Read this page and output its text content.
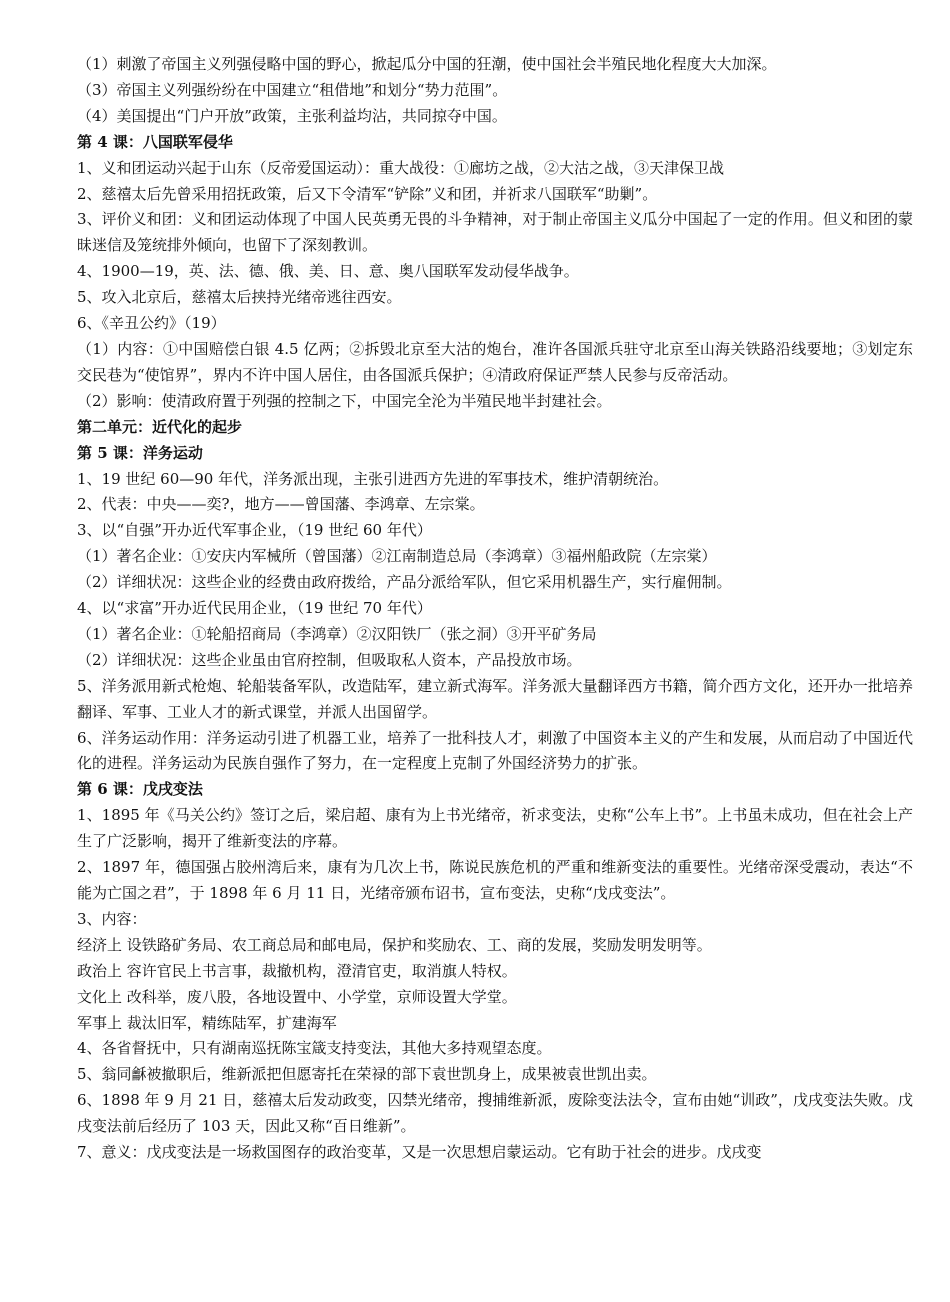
（1）刺激了帝国主义列强侵略中国的野心，掀起瓜分中国的狂潮，使中国社会半殖民地化程度大大加深。

（3）帝国主义列强纷纷在中国建立“租借地”和划分“势力范围”。

（4）美国提出“门户开放”政策，主张利益均沾，共同掠夺中国。

第 4 课：八国联军侵华

1、义和团运动兴起于山东（反帝爱国运动）：重大战役：①廊坊之战，②大沽之战，③天津保卫战

2、慈禧太后先曾采用招抚政策，后又下令清军“铲除”义和团，并祈求八国联军“助剿”。

3、评价义和团：义和团运动体现了中国人民英勇无畏的斗争精神，对于制止帝国主义瓜分中国起了一定的作用。但义和团的蒙昧迷信及笼统排外倾向，也留下了深刻教训。

4、1900—19，英、法、德、俄、美、日、意、奥八国联军发动侵华战争。

5、攻入北京后，慈禧太后挟持光绪帝逃往西安。

6、《辛丑公约》（19）

（1）内容：①中国赔偿白银 4.5 亿两；②拆毁北京至大沽的炮台，准许各国派兵驻守北京至山海关铁路沿线要地；③划定东交民巷为“使馆界”，界内不许中国人居住，由各国派兵保护；④清政府保证严禁人民参与反帝活动。

（2）影响：使清政府置于列强的控制之下，中国完全沦为半殖民地半封建社会。

第二单元：近代化的起步

第 5 课：洋务运动

1、19 世纪 60—90 年代，洋务派出现，主张引进西方先进的军事技术，维护清朝统治。

2、代表：中央——奕?，地方——曾国藩、李鸿章、左宗棠。

3、以“自强”开办近代军事企业，（19 世纪 60 年代）

（1）著名企业：①安庆内军械所（曾国藩）②江南制造总局（李鸿章）③福州船政院（左宗棠）

（2）详细状况：这些企业的经费由政府拨给，产品分派给军队，但它采用机器生产，实行雇佣制。

4、以“求富”开办近代民用企业，（19 世纪 70 年代）

（1）著名企业：①轮船招商局（李鸿章）②汉阳铁厂（张之洞）③开平矿务局

（2）详细状况：这些企业虽由官府控制，但吸取私人资本，产品投放市场。

5、洋务派用新式枪炮、轮船装备军队，改造陆军，建立新式海军。洋务派大量翻译西方书籍，简介西方文化，还开办一批培养翻译、军事、工业人才的新式课堂，并派人出国留学。

6、洋务运动作用：洋务运动引进了机器工业，培养了一批科技人才，刺激了中国资本主义的产生和发展，从而启动了中国近代化的进程。洋务运动为民族自强作了努力，在一定程度上克制了外国经济势力的扩张。

第 6 课：戊戌变法

1、1895 年《马关公约》签订之后，梁启超、康有为上书光绪帝，祈求变法，史称“公车上书”。上书虽未成功，但在社会上产生了广泛影响，揭开了维新变法的序幕。

2、1897 年，德国强占胶州湾后来，康有为几次上书，陈说民族危机的严重和维新变法的重要性。光绪帝深受震动，表达“不能为亡国之君”，于 1898 年 6 月 11 日，光绪帝颁布诏书，宣布变法，史称“戊戌变法”。

3、内容：

经济上 设铁路矿务局、农工商总局和邮电局，保护和奖励农、工、商的发展，奖励发明发明等。

政治上 容许官民上书言事，裁撤机构，澄清官吏，取消旗人特权。

文化上 改科举，废八股，各地设置中、小学堂，京师设置大学堂。

军事上 裁汰旧军，精练陆军，扩建海军

4、各省督抚中，只有湖南巡抚陈宝箴支持变法，其他大多持观望态度。

5、翁同龢被撤职后，维新派把但愿寄托在荣禄的部下袁世凯身上，成果被袁世凯出卖。

6、1898 年 9 月 21 日，慈禧太后发动政变，囚禁光绪帝，搜捕维新派，废除变法法令，宣布由她“训政”，戊戌变法失败。戊戌变法前后经历了 103 天，因此又称“百日维新”。

7、意义：戊戌变法是一场救国图存的政治变革，又是一次思想启蒙运动。它有助于社会的进步。戊戌变
